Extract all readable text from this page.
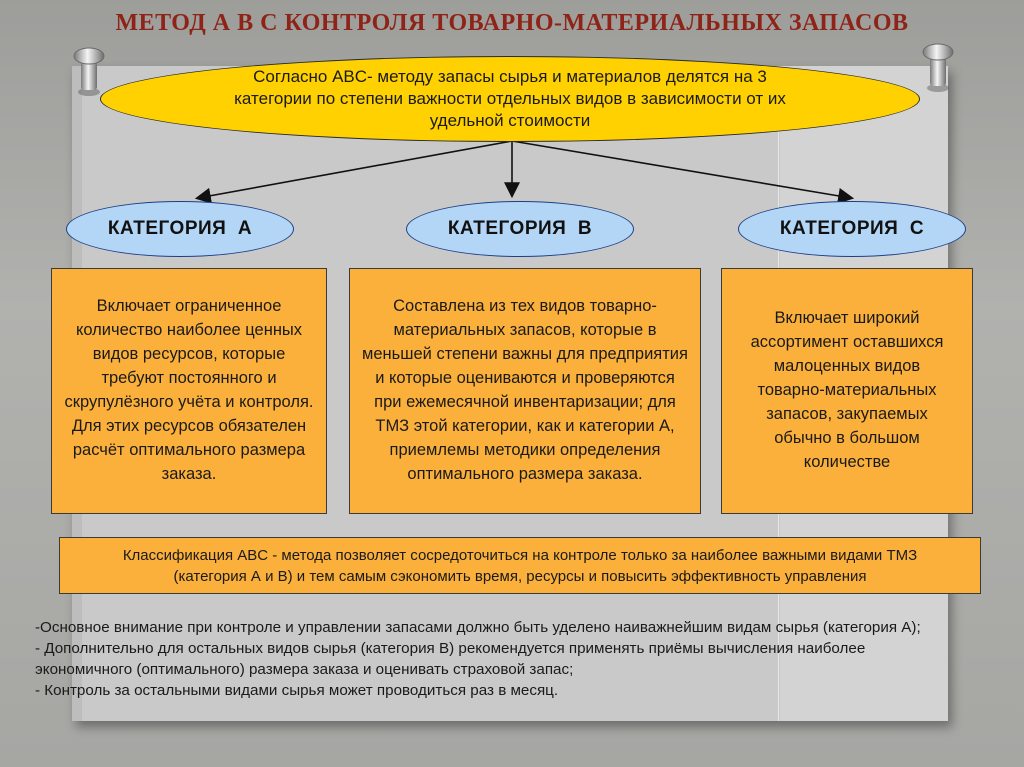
МЕТОД А В С КОНТРОЛЯ ТОВАРНО-МАТЕРИАЛЬНЫХ ЗАПАСОВ
Согласно ABC- методу запасы сырья и материалов делятся на 3 категории по степени важности отдельных видов в зависимости от их удельной стоимости
КАТЕГОРИЯ  А	КАТЕГОРИЯ  В	КАТЕГОРИЯ  С
Включает ограниченное количество наиболее ценных видов ресурсов, которые требуют постоянного и скрупулёзного учёта и контроля. Для этих ресурсов обязателен расчёт оптимального размера заказа.
Составлена из тех видов товарно-материальных запасов, которые в меньшей степени важны для предприятия и которые оцениваются и проверяются при ежемесячной инвентаризации; для ТМЗ этой категории, как и категории А, приемлемы методики определения оптимального размера заказа.
Включает широкий ассортимент оставшихся малоценных видов товарно-материальных запасов, закупаемых обычно в большом количестве
Классификация ABC - метода позволяет сосредоточиться на контроле только за наиболее важными видами ТМЗ (категория А и В) и тем самым сэкономить время, ресурсы и повысить эффективность управления

-Основное внимание при контроле и управлении запасами должно быть уделено наиважнейшим видам сырья (категория А);

- Дополнительно для остальных видов сырья (категория В) рекомендуется применять приёмы вычисления наиболее экономичного (оптимального) размера заказа и оценивать страховой запас;

- Контроль за остальными видами сырья может проводиться раз в месяц.
